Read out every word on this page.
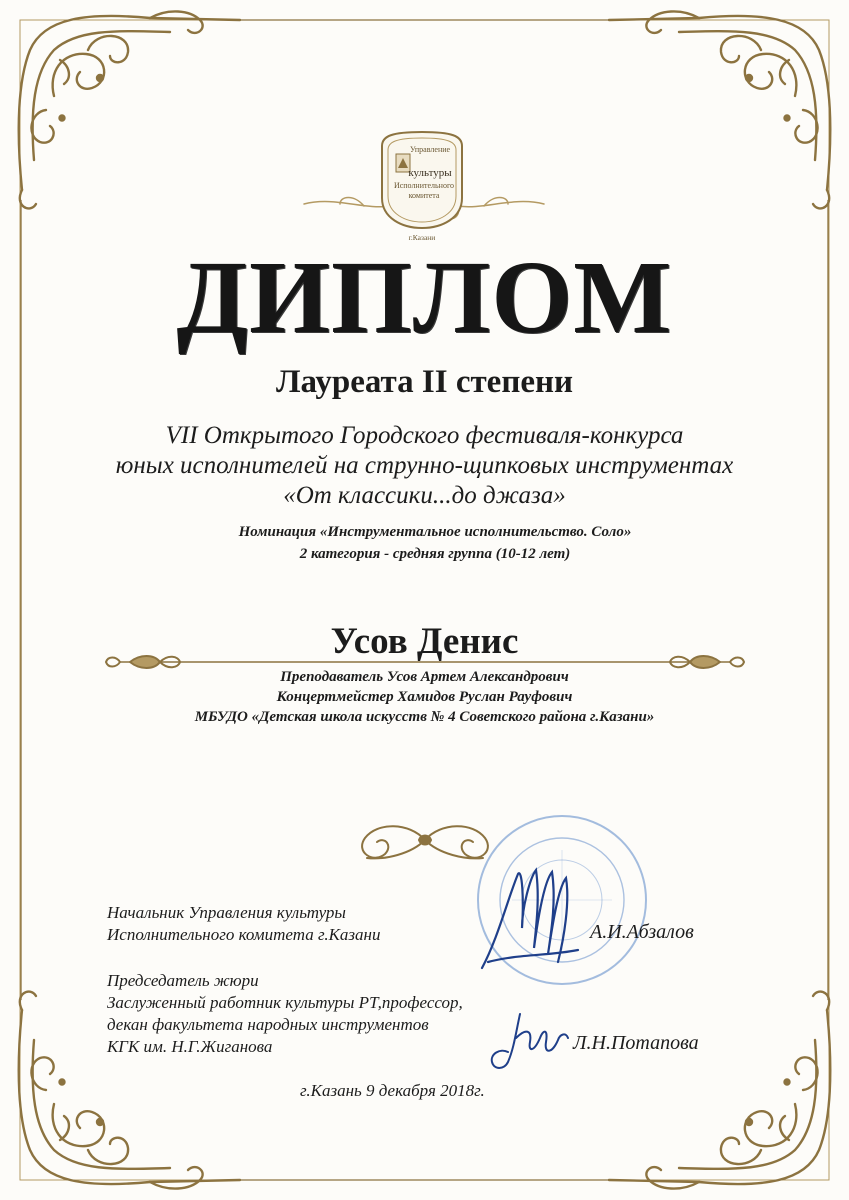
Управление
культуры
Исполнительного
комитета
г.Казани
ДИПЛОМ
Лауреата II степени
VII Открытого Городского фестиваля-конкурса
юных исполнителей на струнно-щипковых инструментах
«От классики...до джаза»
Номинация «Инструментальное исполнительство. Соло»
2 категория - средняя группа (10-12 лет)
Усов Денис
Преподаватель Усов Артем Александрович
Концертмейстер Хамидов Руслан Рауфович
МБУДО «Детская школа искусств № 4 Советского района г.Казани»
Начальник Управления культуры
Исполнительного комитета г.Казани	А.И.Абзалов
Председатель жюри
Заслуженный работник культуры РТ,профессор,
декан факультета народных инструментов
КГК им. Н.Г.Жиганова	Л.Н.Потапова
г.Казань 9 декабря 2018г.
